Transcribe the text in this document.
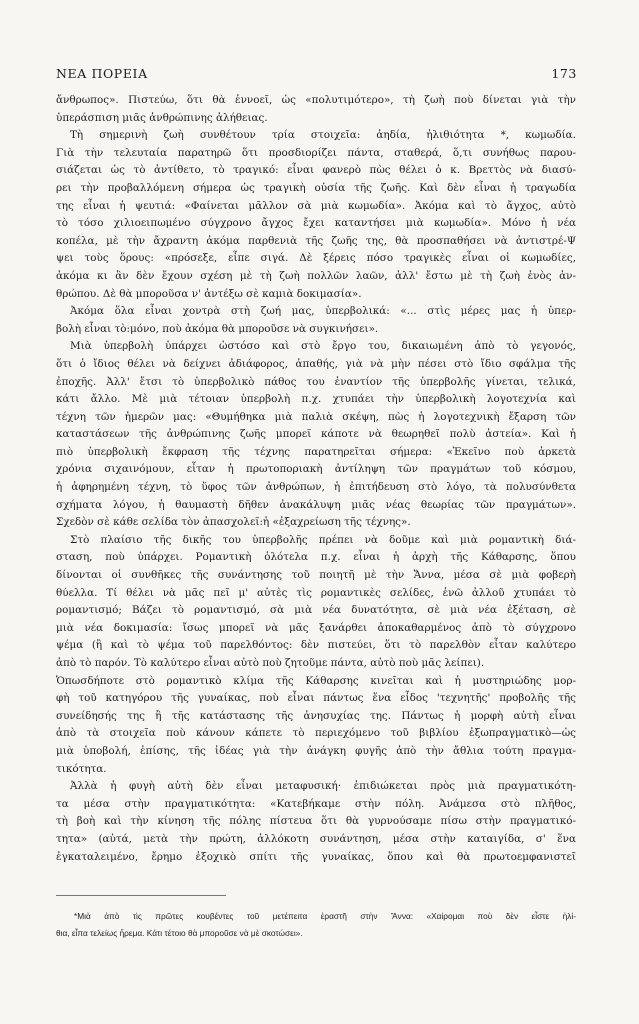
ΝΕΑ ΠΟΡΕΙΑ	173
ἄνθρωπος». Πιστεύω, ὅτι θὰ ἐννοεῖ, ὡς «πολυτιμότερο», τὴ ζωὴ ποὺ δίνεται γιὰ τὴν
ὑπεράσπιση μιᾶς ἀνθρώπινης ἀλήθειας.
Τὴ σημερινὴ ζωὴ συνθέτουν τρία στοιχεῖα: ἀηδία, ἠλιθιότητα *, κωμωδία.
Γιὰ τὴν τελευταία παρατηρῶ ὅτι προσδιορίζει πάντα, σταθερά, ὅ,τι συνήθως παρου-
σιάζεται ὡς τὸ ἀντίθετο, τὸ τραγικό: εἶναι φανερὸ πὼς θέλει ὁ κ. Βρεττὸς νὰ διασύ-
ρει τὴν προβαλλόμενη σήμερα ὡς τραγικὴ οὐσία τῆς ζωῆς. Καὶ δὲν εἶναι ἡ τραγωδία
της εἶναι ἡ ψευτιά: «Φαίνεται μᾶλλον σὰ μιὰ κωμωδία». Ἀκόμα καὶ τὸ ἄγχος, αὐτὸ
τὸ τόσο χιλιοειπωμένο σύγχρονο ἄγχος ἔχει καταντήσει μιὰ κωμωδία». Μόνο ἡ νέα
κοπέλα, μὲ τὴν ἄχραντη ἀκόμα παρθενιὰ τῆς ζωῆς της, θὰ προσπαθήσει νὰ ἀντιστρέ-Ψ
ψει τοὺς ὅρους: «πρόσεξε, εἶπε σιγά. Δὲ ξέρεις πόσο τραγικὲς εἶναι οἱ κωμωδίες,
ἀκόμα κι ἂν δὲν ἔχουν σχέση μὲ τὴ ζωὴ πολλῶν λαῶν, ἀλλ' ἔστω μὲ τὴ ζωὴ ἑνὸς ἀν-
θρώπου. Δὲ θὰ μποροῦσα ν' ἀντέξω σὲ καμιὰ δοκιμασία».
Ἀκόμα ὅλα εἶναι χοντρὰ στὴ ζωή μας, ὑπερβολικά: «... στὶς μέρες μας ἡ ὑπερ-
βολὴ εἶναι τὸ:μόνο, ποὺ ἀκόμα θὰ μποροῦσε νὰ συγκινήσει».
Μιὰ ὑπερβολὴ ὑπάρχει ὡστόσο καὶ στὸ ἔργο του, δικαιωμένη ἀπὸ τὸ γεγονός,
ὅτι ὁ ἴδιος θέλει νὰ δείχνει ἀδιάφορος, ἀπαθής, γιὰ νὰ μὴν πέσει στὸ ἴδιο σφάλμα τῆς
ἐποχῆς. Ἀλλ' ἔτσι τὸ ὑπερβολικὸ πάθος του ἐναντίον τῆς ὑπερβολῆς γίνεται, τελικά,
κάτι ἄλλο. Μὲ μιὰ τέτοιαν ὑπερβολὴ π.χ. χτυπάει τὴν ὑπερβολικὴ λογοτεχνία καὶ
τέχνη τῶν ἡμερῶν μας: «Θυμήθηκα μιὰ παλιὰ σκέψη, πὼς ἡ λογοτεχνικὴ ἔξαρση τῶν
καταστάσεων τῆς ἀνθρώπινης ζωῆς μπορεῖ κάποτε νὰ θεωρηθεῖ πολὺ ἀστεία». Καὶ ἡ
πιὸ ὑπερβολικὴ ἔκφραση τῆς τέχνης παρατηρεῖται σήμερα: «Ἐκεῖνο ποὺ ἀρκετὰ
χρόνια σιχαινόμουν, εἶταν ἡ πρωτοποριακὴ ἀντίληψη τῶν πραγμάτων τοῦ κόσμου,
ἡ ἀφηρημένη τέχνη, τὸ ὕφος τῶν ἀνθρώπων, ἡ ἐπιτήδευση στὸ λόγο, τὰ πολυσύνθετα
σχήματα λόγου, ἡ θαυμαστὴ δῆθεν ἀνακάλυψη μιᾶς νέας θεωρίας τῶν πραγμάτων».
Σχεδὸν σὲ κάθε σελίδα τὸν ἀπασχολεῖ:ἡ «ἐξαχρείωση τῆς τέχνης».
Στὸ πλαίσιο τῆς δικῆς του ὑπερβολῆς πρέπει νὰ δοῦμε καὶ μιὰ ρομαντικὴ διά-
σταση, ποὺ ὑπάρχει. Ρομαντικὴ ὁλότελα π.χ. εἶναι ἡ ἀρχὴ τῆς Κάθαρσης, ὅπου
δίνονται οἱ συνθῆκες τῆς συνάντησης τοῦ ποιητῆ μὲ τὴν Ἄννα, μέσα σὲ μιὰ φοβερὴ
θύελλα. Τί θέλει νὰ μᾶς πεῖ μ' αὐτὲς τὶς ρομαντικὲς σελίδες, ἐνῶ ἀλλοῦ χτυπάει τὸ
ρομαντισμό; Βάζει τὸ ρομαντισμό, σὰ μιὰ νέα δυνατότητα, σὲ μιὰ νέα ἐξέταση, σὲ
μιὰ νέα δοκιμασία: ἴσως μπορεῖ νὰ μᾶς ξανάρθει ἀποκαθαρμένος ἀπὸ τὸ σύγχρονο
ψέμα (ἢ καὶ τὸ ψέμα τοῦ παρελθόντος: δὲν πιστεύει, ὅτι τὸ παρελθὸν εἶταν καλύτερο
ἀπὸ τὸ παρόν. Τὸ καλύτερο εἶναι αὐτὸ ποὺ ζητοῦμε πάντα, αὐτὸ ποὺ μᾶς λείπει).
Ὁπωσδήποτε στὸ ρομαντικὸ κλίμα τῆς Κάθαρσης κινεῖται καὶ ἡ μυστηριώδης μορ-
φὴ τοῦ κατηγόρου τῆς γυναίκας, ποὺ εἶναι πάντως ἕνα εἶδος 'τεχνητῆς' προβολῆς τῆς
συνείδησής της ἢ τῆς κατάστασης τῆς ἀνησυχίας της. Πάντως ἡ μορφὴ αὐτὴ εἶναι
ἀπὸ τὰ στοιχεῖα ποὺ κάνουν κάπετε τὸ περιεχόμενο τοῦ βιβλίου ἐξωπραγματικὸ—ὡς
μιὰ ὑποβολή, ἐπίσης, τῆς ἰδέας γιὰ τὴν ἀνάγκη φυγῆς ἀπὸ τὴν ἄθλια τούτη πραγμα-
τικότητα.
Ἀλλὰ ἡ φυγὴ αὐτὴ δὲν εἶναι μεταφυσική· ἐπιδιώκεται πρὸς μιὰ πραγματικότη-
τα μέσα στὴν πραγματικότητα: «Κατεβήκαμε στὴν πόλη. Ἀνάμεσα στὸ πλῆθος,
τὴ βοὴ καὶ τὴν κίνηση τῆς πόλης πίστευα ὅτι θὰ γυρνούσαμε πίσω στὴν πραγματικό-
τητα» (αὐτά, μετὰ τὴν πρώτη, ἀλλόκοτη συνάντηση, μέσα στὴν καταιγίδα, σ' ἕνα
ἐγκαταλειμένο, ἔρημο ἐξοχικὸ σπίτι τῆς γυναίκας, ὅπου καὶ θὰ πρωτοεμφανιστεῖ
*Μιὰ ἀπὸ τὶς πρῶτες κουβέντες τοῦ μετέπειτα ἐραστῆ στὴν Ἄννα: «Χαίρομαι ποὺ δὲν εἶστε ἠλί-
θια, εἶπα τελείως ἤρεμα. Κάτι τέτοιο θὰ μποροῦσε νὰ μὲ σκοτώσει».
